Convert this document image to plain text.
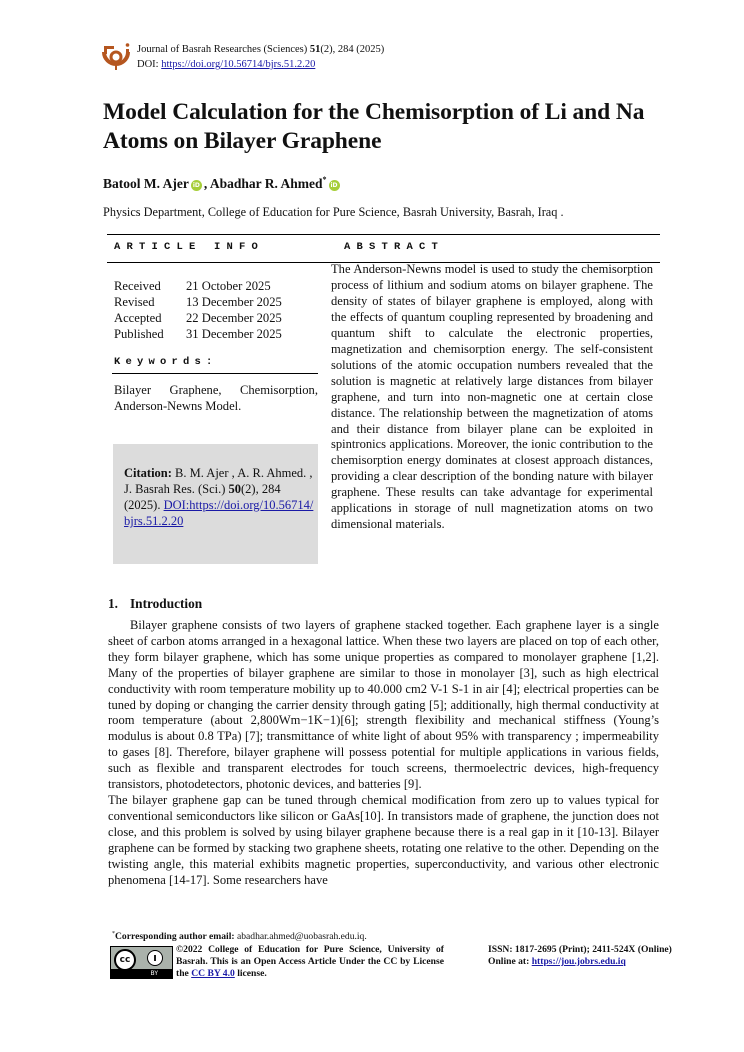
Journal of Basrah Researches (Sciences) 51(2), 284 (2025)
DOI: https://doi.org/10.56714/bjrs.51.2.20
Model Calculation for the Chemisorption of Li and Na Atoms on Bilayer Graphene
Batool M. Ajer iD , Abadhar R. Ahmed*iD
Physics Department, College of Education for Pure Science, Basrah University, Basrah, Iraq .
ARTICLE INFO	ABSTRACT
Received	21 October 2025
Revised	13 December 2025
Accepted	22 December 2025
Published	31 December 2025
Keywords:
Bilayer Graphene, Chemisorption, Anderson-Newns Model.
Citation: B. M. Ajer , A. R. Ahmed. , J. Basrah Res. (Sci.) 50(2), 284 (2025). DOI:https://doi.org/10.56714/bjrs.51.2.20
The Anderson-Newns model is used to study the chemisorption process of lithium and sodium atoms on bilayer graphene. The density of states of bilayer graphene is employed, along with the effects of quantum coupling represented by broadening and quantum shift to calculate the electronic properties, magnetization and chemisorption energy. The self-consistent solutions of the atomic occupation numbers revealed that the solution is magnetic at relatively large distances from bilayer graphene, and turn into non-magnetic one at certain close distance. The relationship between the magnetization of atoms and their distance from bilayer plane can be exploited in spintronics applications. Moreover, the ionic contribution to the chemisorption energy dominates at closest approach distances, providing a clear description of the bonding nature with bilayer graphene. These results can take advantage for experimental applications in storage of null magnetization atoms on two dimensional materials.
1. Introduction

Bilayer graphene consists of two layers of graphene stacked together. Each graphene layer is a single sheet of carbon atoms arranged in a hexagonal lattice. When these two layers are placed on top of each other, they form bilayer graphene, which has some unique properties as compared to monolayer graphene [1,2]. Many of the properties of bilayer graphene are similar to those in monolayer [3], such as high electrical conductivity with room temperature mobility up to 40.000 cm2 V-1 S-1 in air [4]; electrical properties can be tuned by doping or changing the carrier density through gating [5]; additionally, high thermal conductivity at room temperature (about 2,800Wm−1K−1)[6]; strength flexibility and mechanical stiffness (Young’s modulus is about 0.8 TPa) [7]; transmittance of white light of about 95% with transparency ; impermeability to gases [8]. Therefore, bilayer graphene will possess potential for multiple applications in various fields, such as flexible and transparent electrodes for touch screens, thermoelectric devices, high-frequency transistors, photodetectors, photonic devices, and batteries [9].

The bilayer graphene gap can be tuned through chemical modification from zero up to values typical for conventional semiconductors like silicon or GaAs[10]. In transistors made of graphene, the junction does not close, and this problem is solved by using bilayer graphene because there is a real gap in it [10-13]. Bilayer graphene can be formed by stacking two graphene sheets, rotating one relative to the other. Depending on the twisting angle, this material exhibits magnetic properties, superconductivity, and various other electronic phenomena [14-17]. Some researchers have

*Corresponding author email: abadhar.ahmed@uobasrah.edu.iq.
cc	ı
BY
©2022 College of Education for Pure Science, University of Basrah. This is an Open Access Article Under the CC by License the CC BY 4.0 license.
ISSN: 1817-2695 (Print); 2411-524X (Online)
Online at: https://jou.jobrs.edu.iq
